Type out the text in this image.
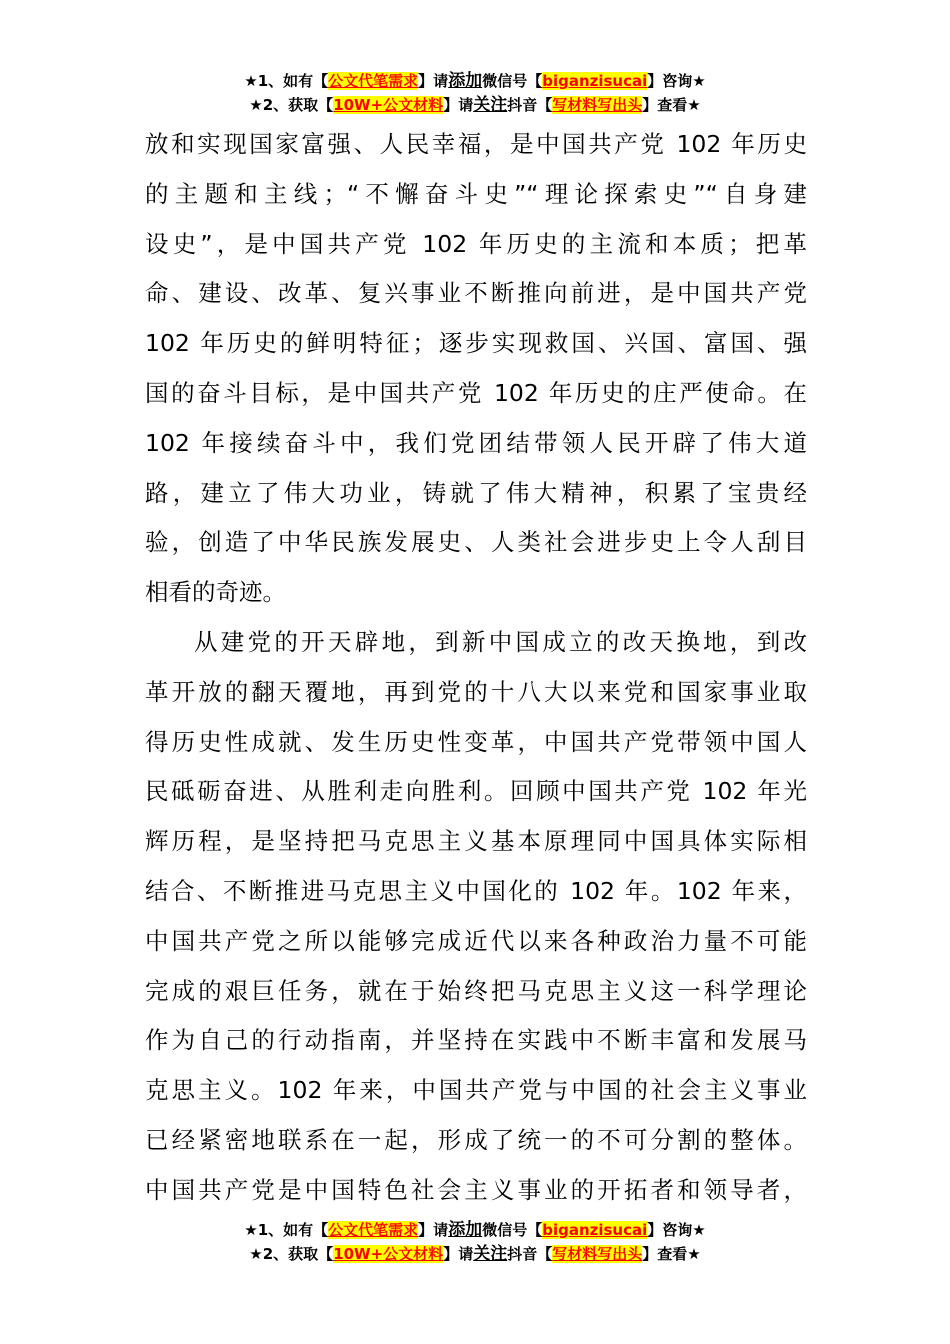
★1、如有【公文代笔需求】请添加微信号【biganzisucai】咨询★
★2、获取【10W+公文材料】请关注抖音【写材料写出头】查看★
放和实现国家富强、人民幸福，是中国共产党 102 年历史
的主题和主线；“不懈奋斗史”“理论探索史”“自身建
设史”，是中国共产党 102 年历史的主流和本质；把革
命、建设、改革、复兴事业不断推向前进，是中国共产党
102 年历史的鲜明特征；逐步实现救国、兴国、富国、强
国的奋斗目标，是中国共产党 102 年历史的庄严使命。在
102 年接续奋斗中，我们党团结带领人民开辟了伟大道
路，建立了伟大功业，铸就了伟大精神，积累了宝贵经
验，创造了中华民族发展史、人类社会进步史上令人刮目
相看的奇迹。
从建党的开天辟地，到新中国成立的改天换地，到改
革开放的翻天覆地，再到党的十八大以来党和国家事业取
得历史性成就、发生历史性变革，中国共产党带领中国人
民砥砺奋进、从胜利走向胜利。回顾中国共产党 102 年光
辉历程，是坚持把马克思主义基本原理同中国具体实际相
结合、不断推进马克思主义中国化的 102 年。102 年来，
中国共产党之所以能够完成近代以来各种政治力量不可能
完成的艰巨任务，就在于始终把马克思主义这一科学理论
作为自己的行动指南，并坚持在实践中不断丰富和发展马
克思主义。102 年来，中国共产党与中国的社会主义事业
已经紧密地联系在一起，形成了统一的不可分割的整体。
中国共产党是中国特色社会主义事业的开拓者和领导者，
★1、如有【公文代笔需求】请添加微信号【biganzisucai】咨询★
★2、获取【10W+公文材料】请关注抖音【写材料写出头】查看★
